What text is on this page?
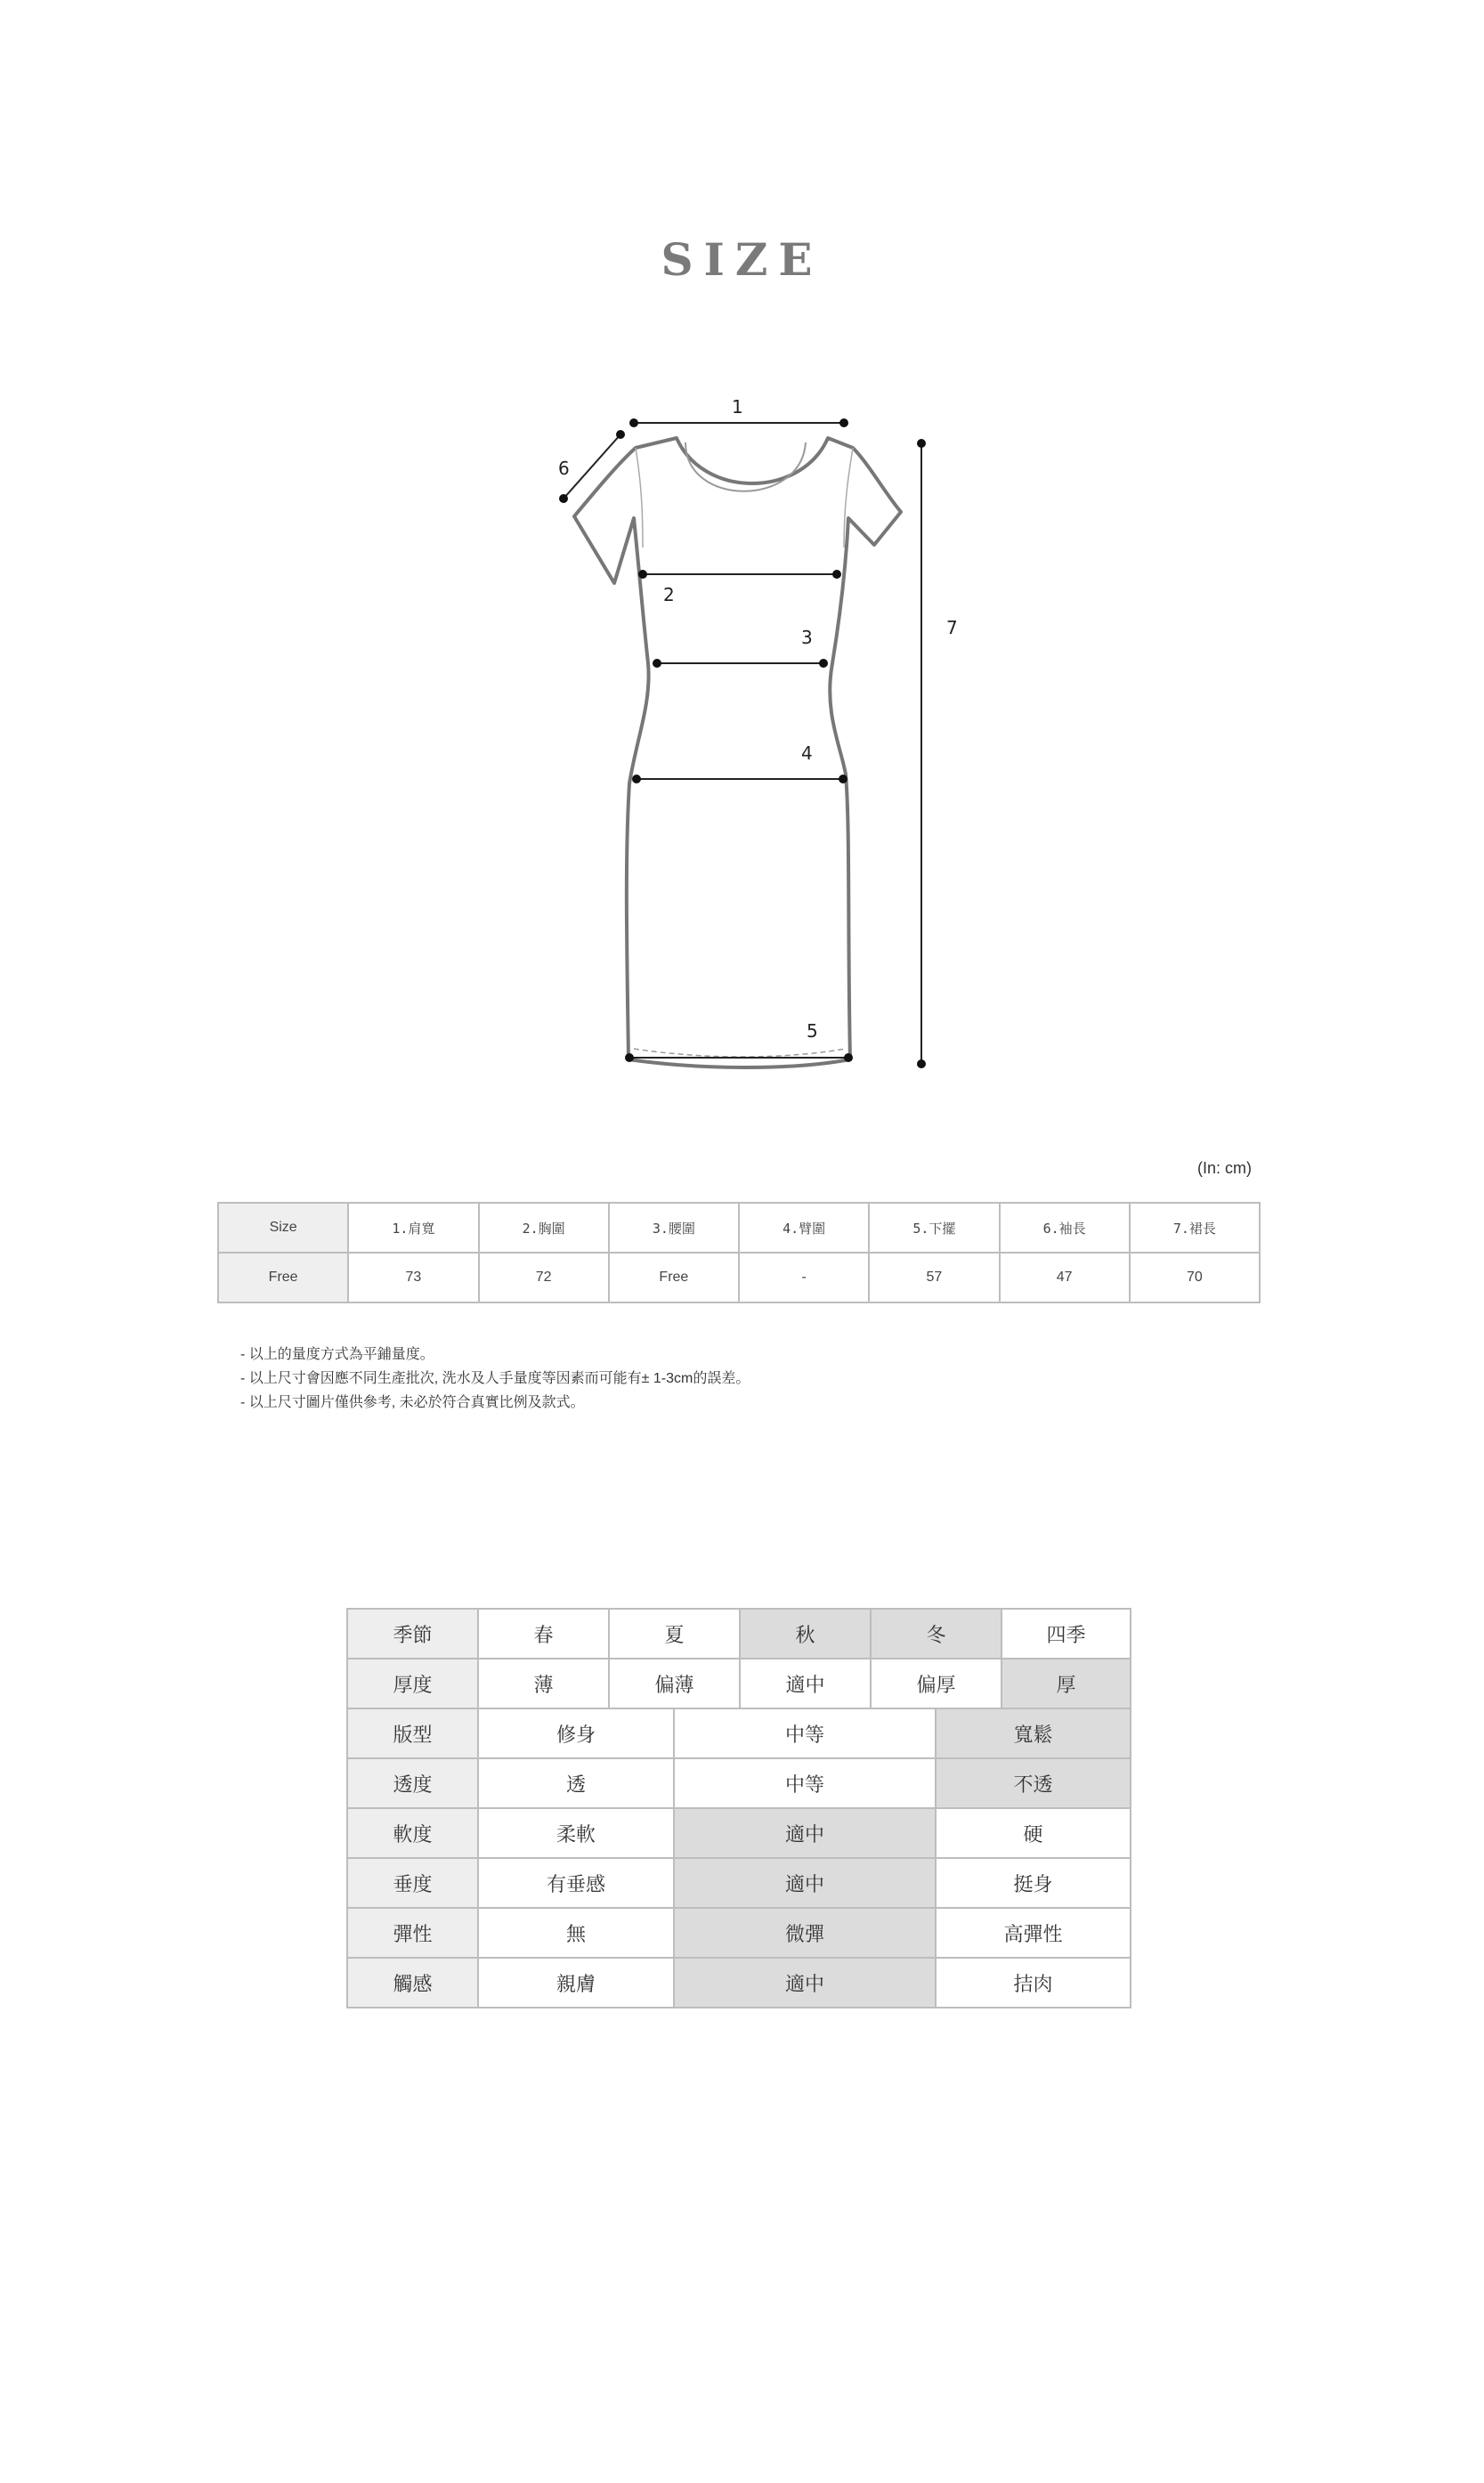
SIZE
1
2
3
4
5
6
7
(In: cm)
Size	1.肩寬	2.胸圍	3.腰圍	4.臂圍	5.下擺	6.袖長	7.裙長
Free	73	72	Free	-	57	47	70
- 以上的量度方式為平鋪量度。
- 以上尺寸會因應不同生產批次, 洗水及人手量度等因素而可能有± 1-3cm的誤差。
- 以上尺寸圖片僅供參考, 未必於符合真實比例及款式。
季節	春	夏		秋	冬		四季
厚度	薄	偏薄		適中	偏厚		厚
版型	修身		中等			寬鬆	
透度	透		中等			不透	
軟度	柔軟		適中			硬	
垂度	有垂感		適中			挺身	
彈性	無		微彈			高彈性	
觸感	親膚		適中			拮肉	
